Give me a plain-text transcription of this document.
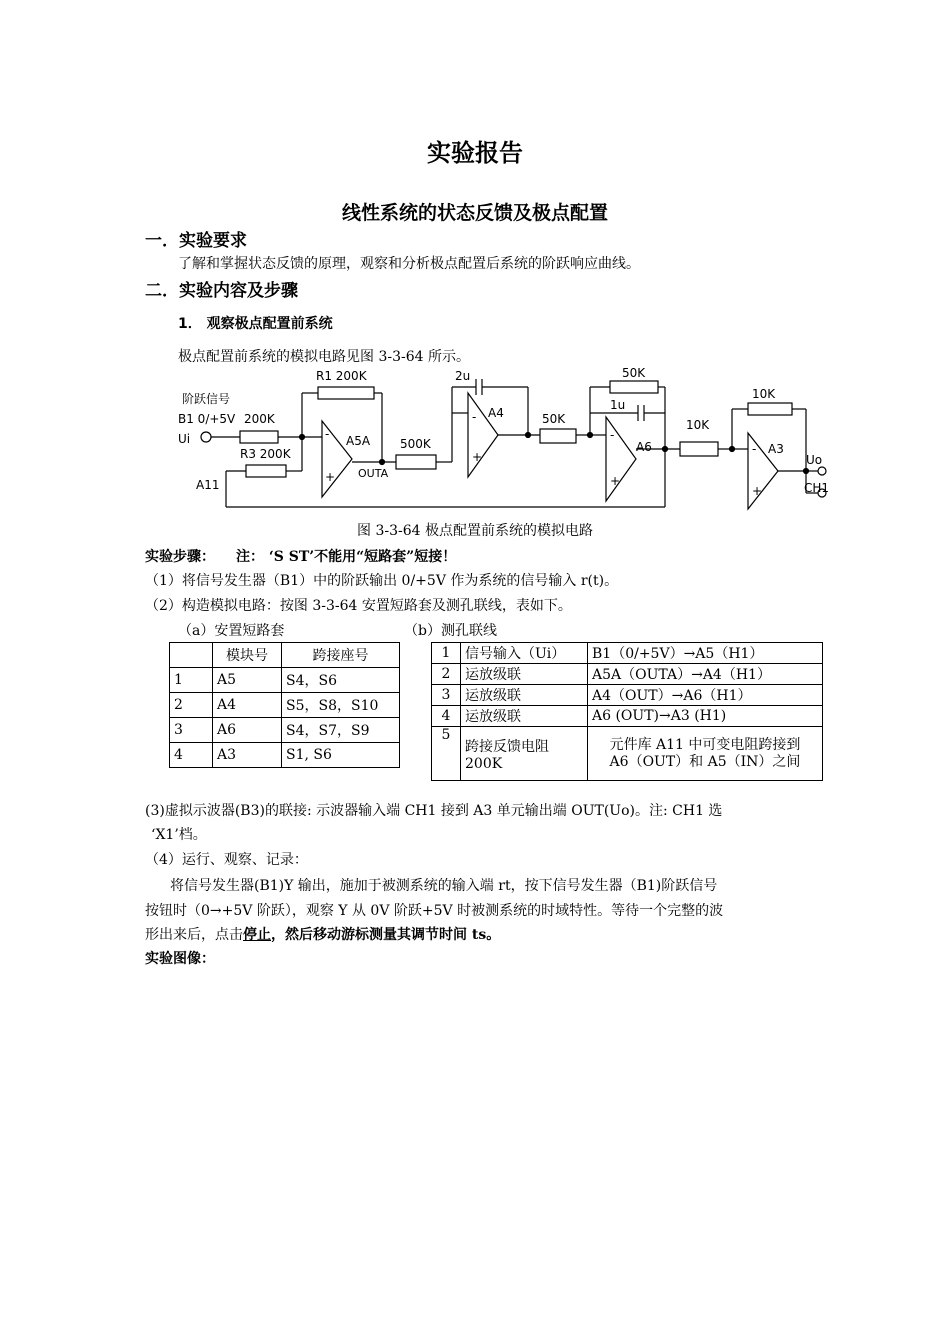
实验报告
线性系统的状态反馈及极点配置
一．实验要求
了解和掌握状态反馈的原理，观察和分析极点配置后系统的阶跃响应曲线。
二．实验内容及步骤
1． 观察极点配置前系统
极点配置前系统的模拟电路见图 3-3-64 所示。
阶跃信号
B1 0/+5V
Ui
200K
R1 200K
R3 200K
A11
-
+
A5A
OUTA
500K
2u
-
+
A4	50K
50K
1u
-
+
A6
10K
10K
-
+
A3
Uo
CH1
图 3-3-64 极点配置前系统的模拟电路
实验步骤： 注： ‘S ST’不能用“短路套”短接！
（1）将信号发生器（B1）中的阶跃输出 0/+5V 作为系统的信号输入 r(t)。
（2）构造模拟电路：按图 3-3-64 安置短路套及测孔联线，表如下。
（a）安置短路套	（b）测孔联线
	模块号	跨接座号
1	A5	S4，S6
2	A4	S5，S8，S10
3	A6	S4，S7，S9
4	A3	S1, S6
1	信号输入（Ui）	B1（0/+5V）→A5（H1）
2	运放级联	A5A（OUTA）→A4（H1）
3	运放级联	A4（OUT）→A6（H1）
4	运放级联	A6 (OUT)→A3 (H1)
5	跨接反馈电阻 200K	元件库 A11 中可变电阻跨接到
A6（OUT）和 A5（IN）之间
(3)虚拟示波器(B3)的联接: 示波器输入端 CH1 接到 A3 单元输出端 OUT(Uo)。注: CH1 选
‘X1’档。
（4）运行、观察、记录：
将信号发生器(B1)Y 输出，施加于被测系统的输入端 rt，按下信号发生器（B1)阶跃信号
按钮时（0→+5V 阶跃），观察 Y 从 0V 阶跃+5V 时被测系统的时域特性。等待一个完整的波
形出来后，点击停止，然后移动游标测量其调节时间 ts。
实验图像：
